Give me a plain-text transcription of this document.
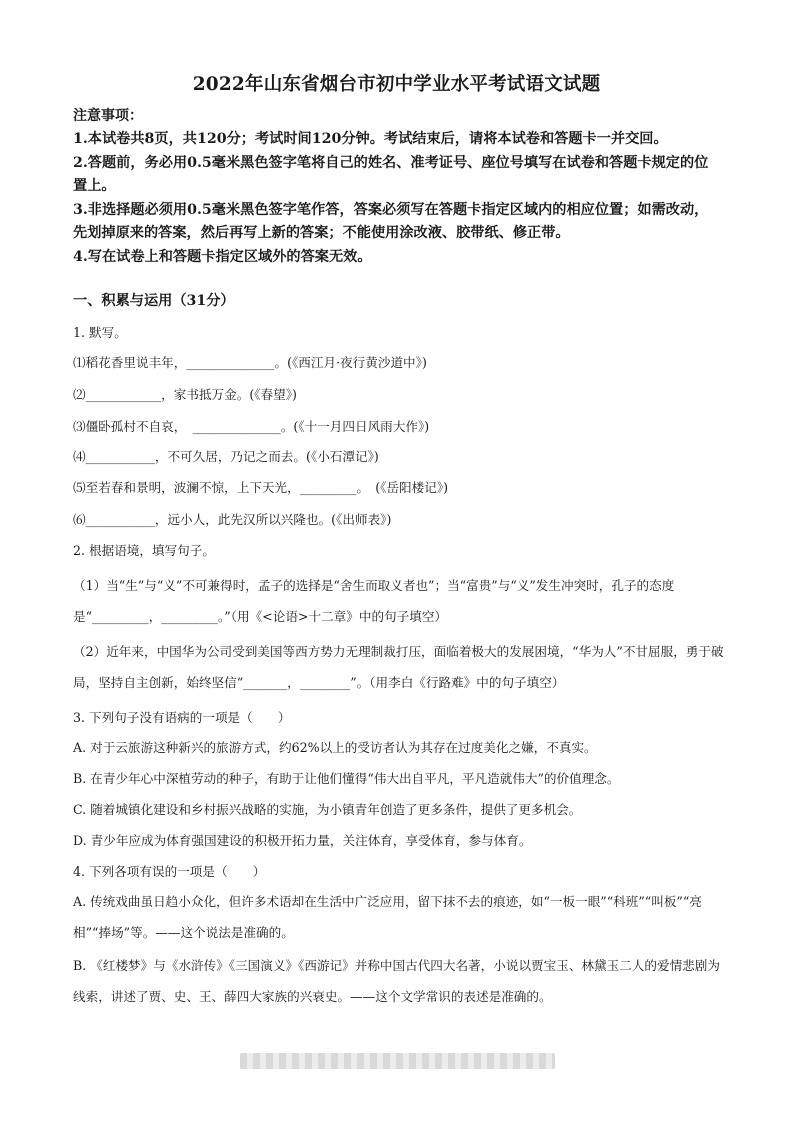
2022年山东省烟台市初中学业水平考试语文试题
注意事项：

1.本试卷共8页，共120分；考试时间120分钟。考试结束后，请将本试卷和答题卡一并交回。

2.答题前，务必用0.5毫米黑色签字笔将自己的姓名、准考证号、座位号填写在试卷和答题卡规定的位置上。

3.非选择题必须用0.5毫米黑色签字笔作答，答案必须写在答题卡指定区域内的相应位置；如需改动，先划掉原来的答案，然后再写上新的答案；不能使用涂改液、胶带纸、修正带。

4.写在试卷上和答题卡指定区域外的答案无效。

一、积累与运用（31分）
1. 默写。
⑴稻花香里说丰年，______________。(《西江月·夜行黄沙道中》)
⑵____________，家书抵万金。(《春望》)
⑶僵卧孤村不自哀，　______________。(《十一月四日风雨大作》)
⑷___________，不可久居，乃记之而去。(《小石潭记》)
⑸至若春和景明，波澜不惊，上下天光，_________。　(《岳阳楼记》)
⑹___________，远小人，此先汉所以兴隆也。(《出师表》)
2. 根据语境，填写句子。
（1）当“生”与“义”不可兼得时，孟子的选择是“舍生而取义者也”；当“富贵”与“义”发生冲突时，孔子的态度是“_________，_________。”（用《<论语>十二章》中的句子填空）
（2）近年来，中国华为公司受到美国等西方势力无理制裁打压，面临着极大的发展困境，“华为人”不甘屈服，勇于破局，坚持自主创新，始终坚信“_______，________”。（用李白《行路难》中的句子填空）
3. 下列句子没有语病的一项是（　　）
A. 对于云旅游这种新兴的旅游方式，约62%以上的受访者认为其存在过度美化之嫌，不真实。
B. 在青少年心中深植劳动的种子，有助于让他们懂得“伟大出自平凡，平凡造就伟大”的价值理念。
C. 随着城镇化建设和乡村振兴战略的实施，为小镇青年创造了更多条件，提供了更多机会。
D. 青少年应成为体育强国建设的积极开拓力量，关注体育，享受体育，参与体育。
4. 下列各项有误的一项是（　　）
A. 传统戏曲虽日趋小众化，但许多术语却在生活中广泛应用，留下抹不去的痕迹，如“一板一眼”“科班”“叫板”“亮相”“捧场”等。——这个说法是准确的。
B. 《红楼梦》与《水浒传》《三国演义》《西游记》并称中国古代四大名著，小说以贾宝玉、林黛玉二人的爱情悲剧为线索，讲述了贾、史、王、薛四大家族的兴衰史。——这个文学常识的表述是准确的。
